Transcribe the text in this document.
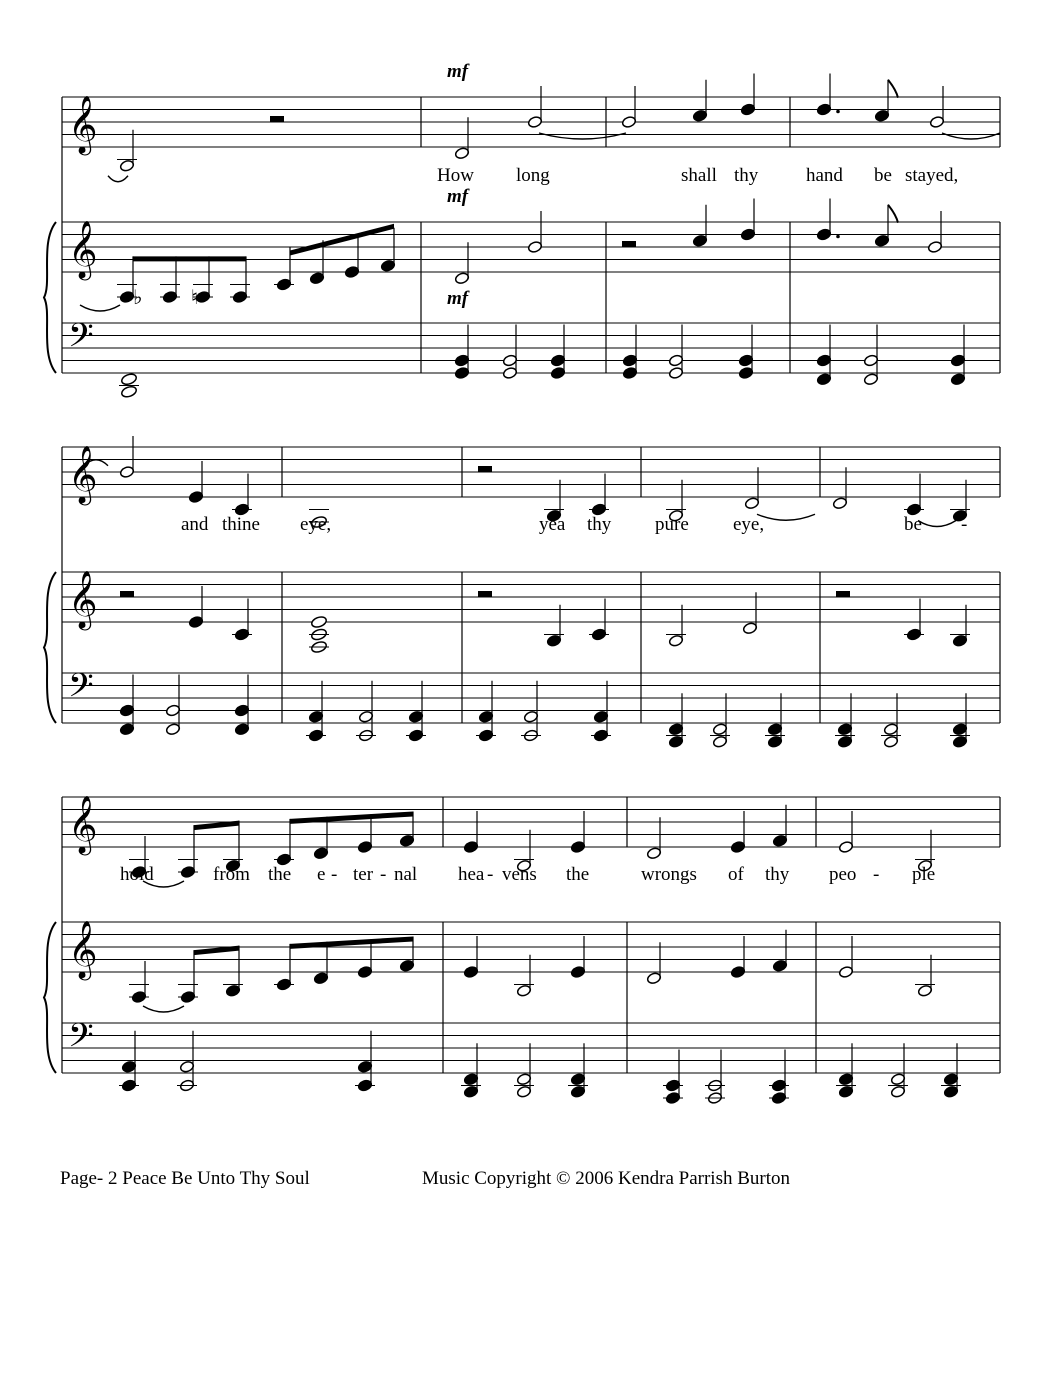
𝄞
𝄞
𝄢
𝄞
𝄞
𝄢
𝄞
𝄞
𝄢
♭ ♮
mf
mf
mf
How long	shall thy	hand be stayed,
and thine eye,	yea thy pure eye,	be -
hold	from the e - ter - nal hea - vens the	wrongs of thy peo - ple
Page- 2 Peace Be Unto Thy Soul	Music Copyright © 2006 Kendra Parrish Burton
